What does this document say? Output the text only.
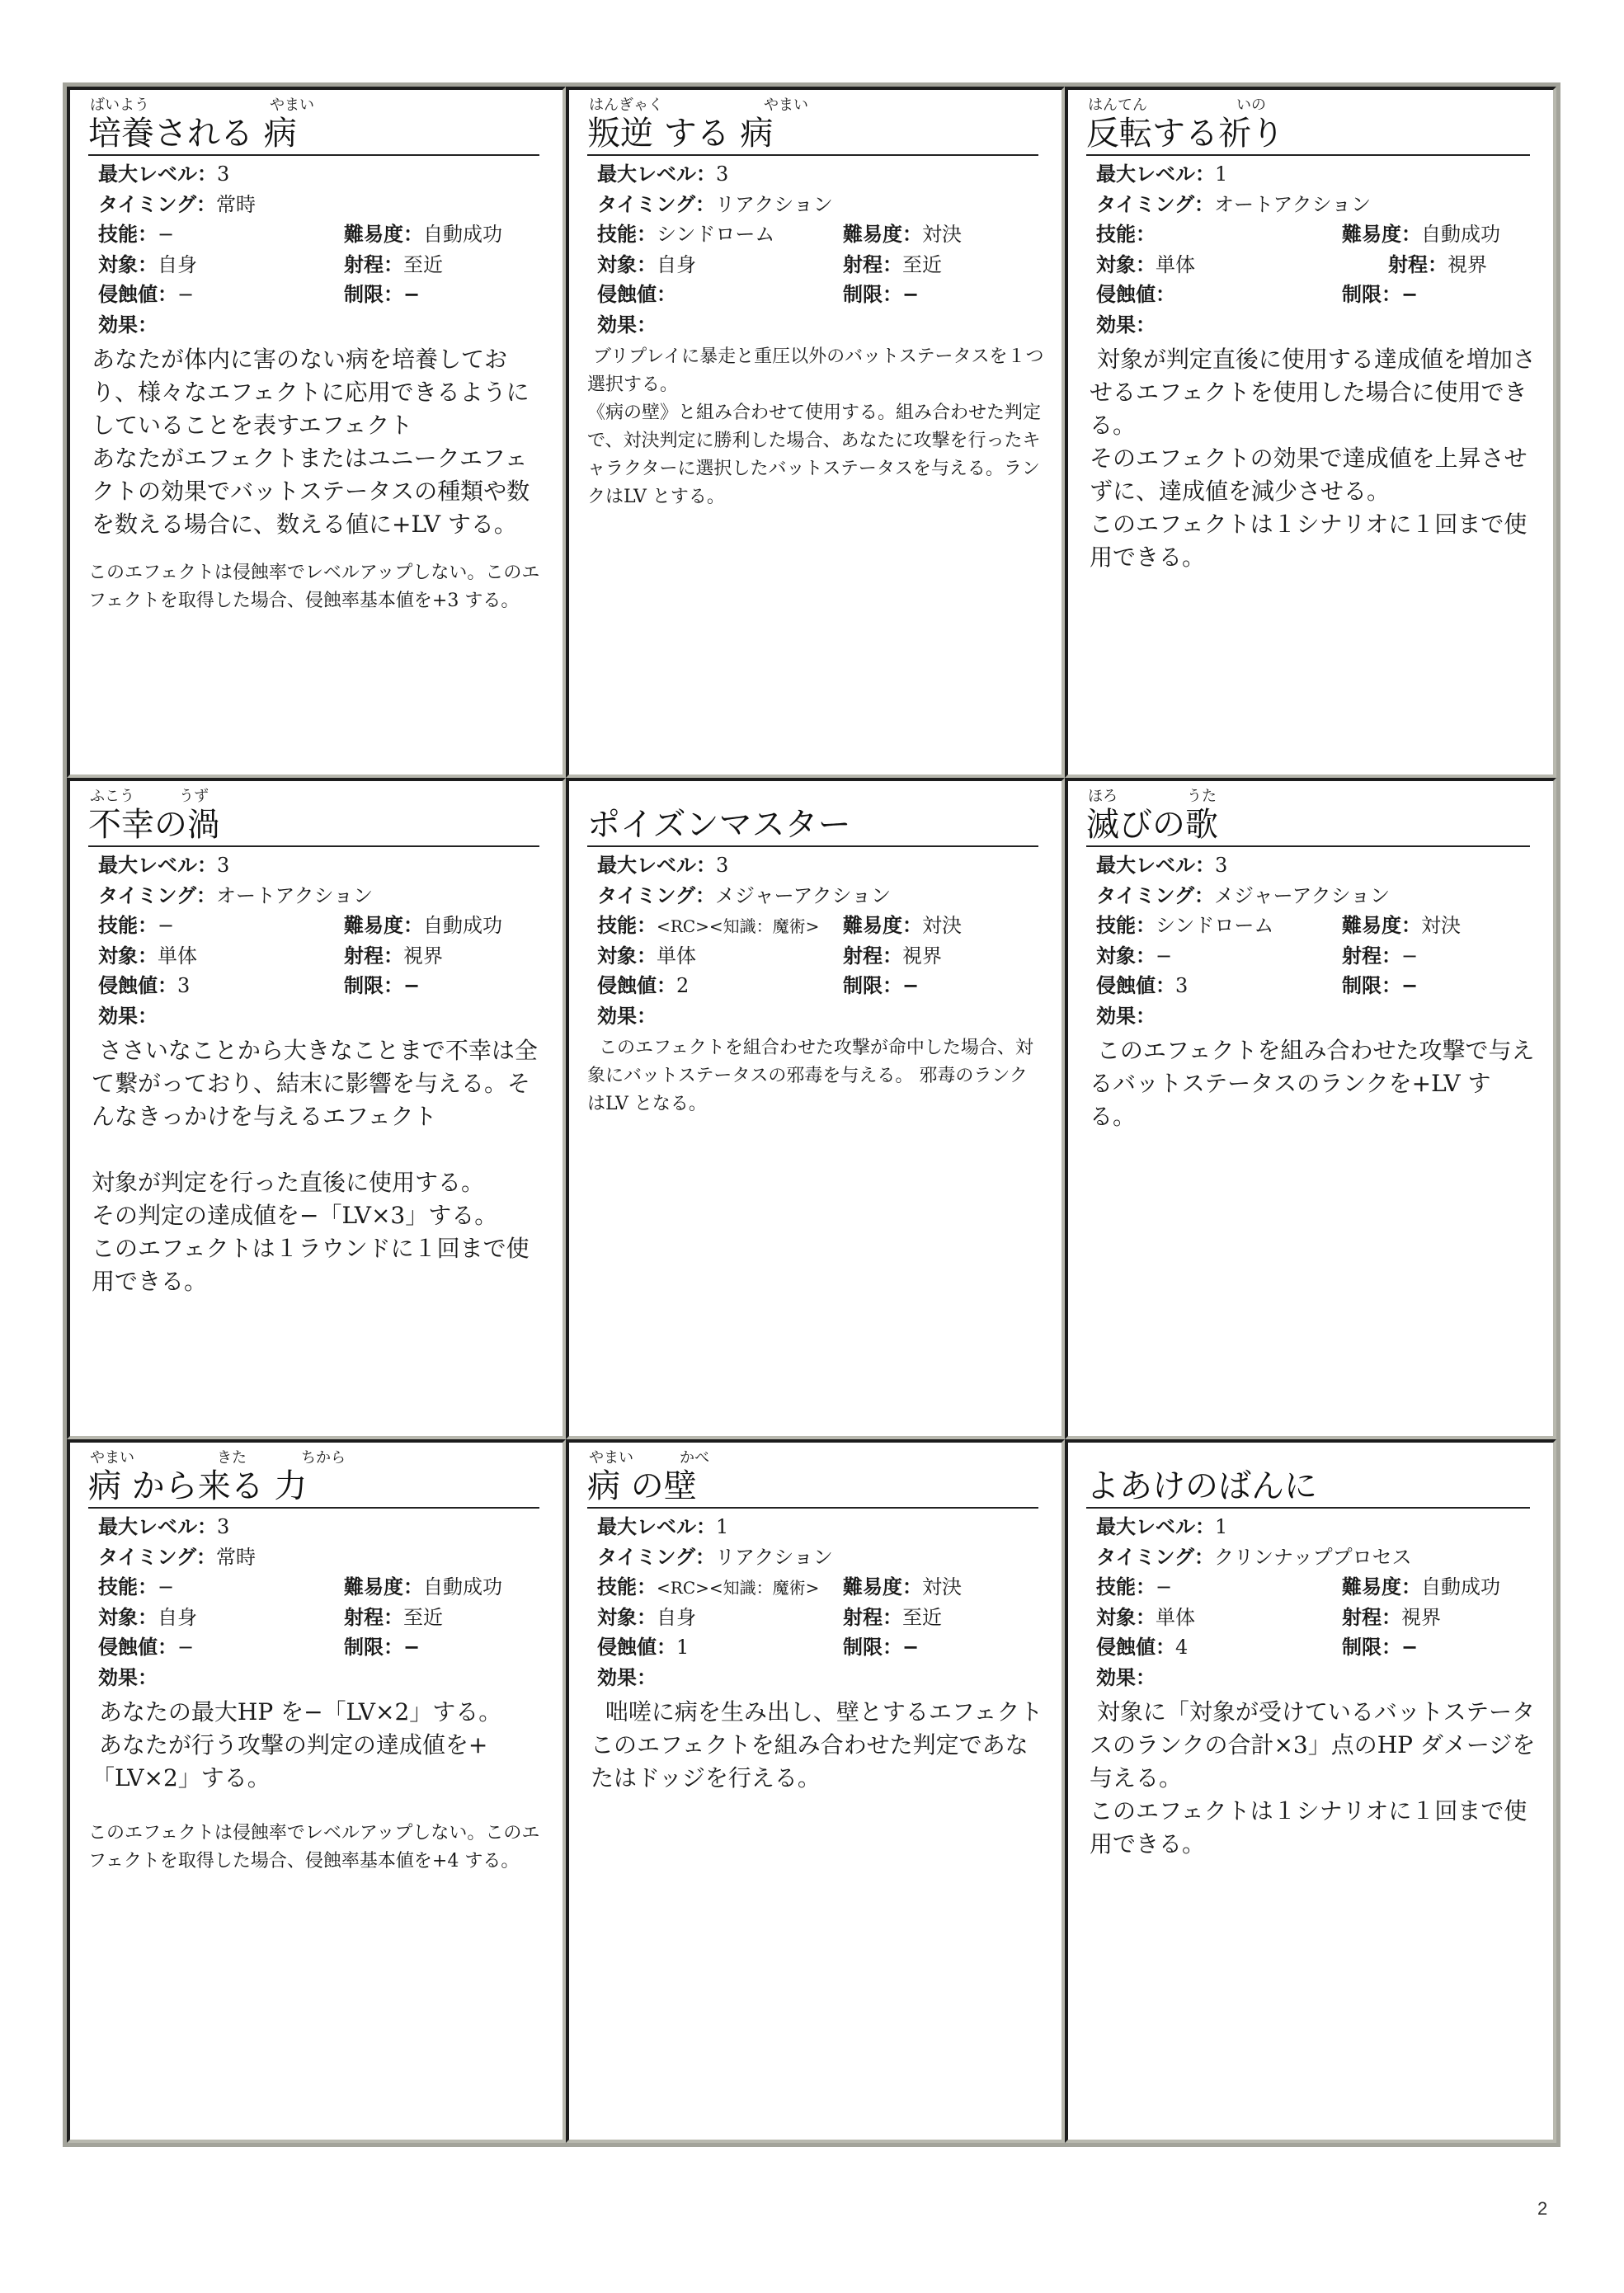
ばいよう	やまい
培養される 病
最大レベル：3
タイミング：常時
技能：−	難易度：自動成功
対象：自身	射程：至近
侵蝕値：−	制限：−
効果：
あなたが体内に害のない病を培養しており、様々なエフェクトに応用できるようにしていることを表すエフェクト
あなたがエフェクトまたはユニークエフェクトの効果でバットステータスの種類や数を数える場合に、数える値に+LV する。
このエフェクトは侵蝕率でレベルアップしない。このエフェクトを取得した場合、侵蝕率基本値を+3 する。
はんぎゃく	やまい
叛逆 する 病
最大レベル：3
タイミング：リアクション
技能：シンドローム	難易度：対決
対象：自身	射程：至近
侵蝕値：	制限：−
効果：
ブリプレイに暴走と重圧以外のバットステータスを１つ選択する。
《病の壁》と組み合わせて使用する。組み合わせた判定で、対決判定に勝利した場合、あなたに攻撃を行ったキャラクターに選択したバットステータスを与える。ランクはLV とする。
はんてん	いの
反転する祈り
最大レベル：1
タイミング：オートアクション
技能：	難易度：自動成功
対象：単体	射程：視界
侵蝕値：	制限：−
効果：
対象が判定直後に使用する達成値を増加させるエフェクトを使用した場合に使用できる。
そのエフェクトの効果で達成値を上昇させずに、達成値を減少させる。
このエフェクトは１シナリオに１回まで使用できる。
ふこう	うず
不幸の渦
最大レベル：3
タイミング：オートアクション
技能：−	難易度：自動成功
対象：単体	射程：視界
侵蝕値：3	制限：−
効果：
ささいなことから大きなことまで不幸は全て繋がっており、結末に影響を与える。そんなきっかけを与えるエフェクト

対象が判定を行った直後に使用する。
その判定の達成値を−「LV×3」する。
このエフェクトは１ラウンドに１回まで使用できる。
ポイズンマスター
最大レベル：3
タイミング：メジャーアクション
技能：<RC><知識：魔術> 難易度：対決
対象：単体	射程：視界
侵蝕値：2	制限：−
効果：
このエフェクトを組合わせた攻撃が命中した場合、対象にバットステータスの邪毒を与える。 邪毒のランクはLV となる。
ほろ	うた
滅びの歌
最大レベル：3
タイミング：メジャーアクション
技能：シンドローム	難易度：対決
対象：−	射程：−
侵蝕値：3	制限：−
効果：
このエフェクトを組み合わせた攻撃で与えるバットステータスのランクを+LV する。
やまい	きた	ちから
病 から来る 力
最大レベル：3
タイミング：常時
技能：−	難易度：自動成功
対象：自身	射程：至近
侵蝕値：−	制限：−
効果：
あなたの最大HP を−「LV×2」する。
あなたが行う攻撃の判定の達成値を+「LV×2」する。
このエフェクトは侵蝕率でレベルアップしない。このエフェクトを取得した場合、侵蝕率基本値を+4 する。
やまい	かべ
病 の壁
最大レベル：1
タイミング：リアクション
技能：<RC><知識：魔術> 難易度：対決
対象：自身	射程：至近
侵蝕値：1	制限：−
効果：
咄嗟に病を生み出し、壁とするエフェクト このエフェクトを組み合わせた判定であなたはドッジを行える。
よあけのばんに
最大レベル：1
タイミング：クリンナッププロセス
技能：−	難易度：自動成功
対象：単体	射程：視界
侵蝕値：4	制限：−
効果：
対象に「対象が受けているバットステータスのランクの合計×3」点のHP ダメージを与える。
このエフェクトは１シナリオに１回まで使用できる。
2
